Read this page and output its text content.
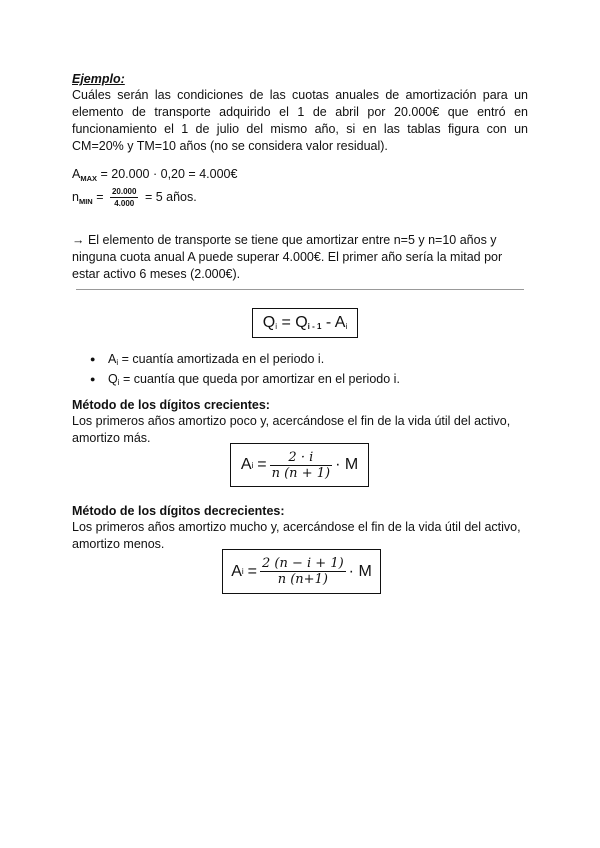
Ejemplo:

Cuáles serán las condiciones de las cuotas anuales de amortización para un elemento de transporte adquirido el 1 de abril por 20.000€ que entró en funcionamiento el 1 de julio del mismo año, si en las tablas figura con un CM=20% y TM=10 años (no se considera valor residual).

$A_{MAX} = 20.000 \cdot 0,20$ = 4.000€

$n_{MIN} = \frac{20.000}{4.000} = 5$ años.

→ El elemento de transporte se tiene que amortizar entre n=5 y n=10 años y ninguna cuota anual A puede superar 4.000€. El primer año sería la mitad por estar activo 6 meses (2.000€).

Qi = Qi - 1 - Ai
● Ai = cuantía amortizada en el periodo i.
● Qi = cuantía que queda por amortizar en el periodo i.

Método de los dígitos crecientes:

Los primeros años amortizo poco y, acercándose el fin de la vida útil del activo, amortizo más.

A $i = \frac{2 \cdot i}{n (n + 1)} \cdot M$

Método de los dígitos decrecientes:

Los primeros años amortizo mucho y, acercándose el fin de la vida útil del activo, amortizo menos.

A $i = \frac{2 (n - i + 1)}{n (n+1)} \cdot M$
